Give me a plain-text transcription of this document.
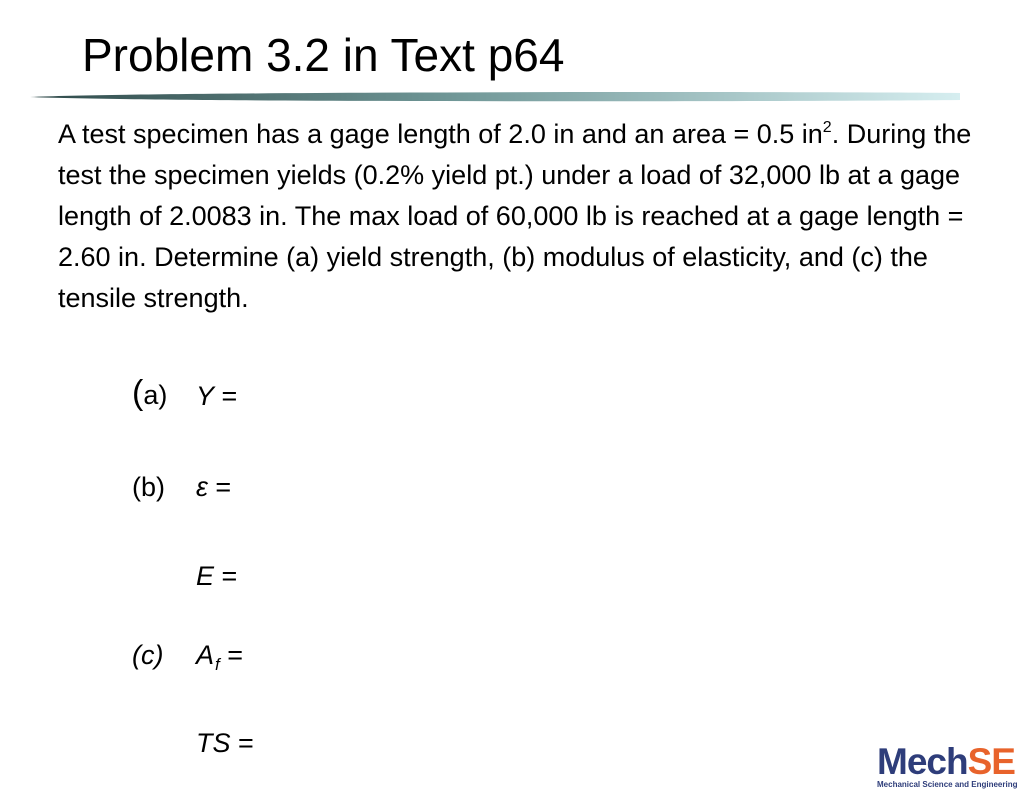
Problem 3.2 in Text p64
A test specimen has a gage length of 2.0 in and an area = 0.5 $in^2$. During the test the specimen yields (0.2% yield pt.) under a load of 32,000 lb at a gage length of 2.0083 in. The max load of 60,000 lb is reached at a gage length = 2.60 in. Determine (a) yield strength, (b) modulus of elasticity, and (c) the tensile strength.
(a) Y =
(b) ε =
E =
(c) $A_f$ =
TS =	MechSE
Mechanical Science and Engineering
